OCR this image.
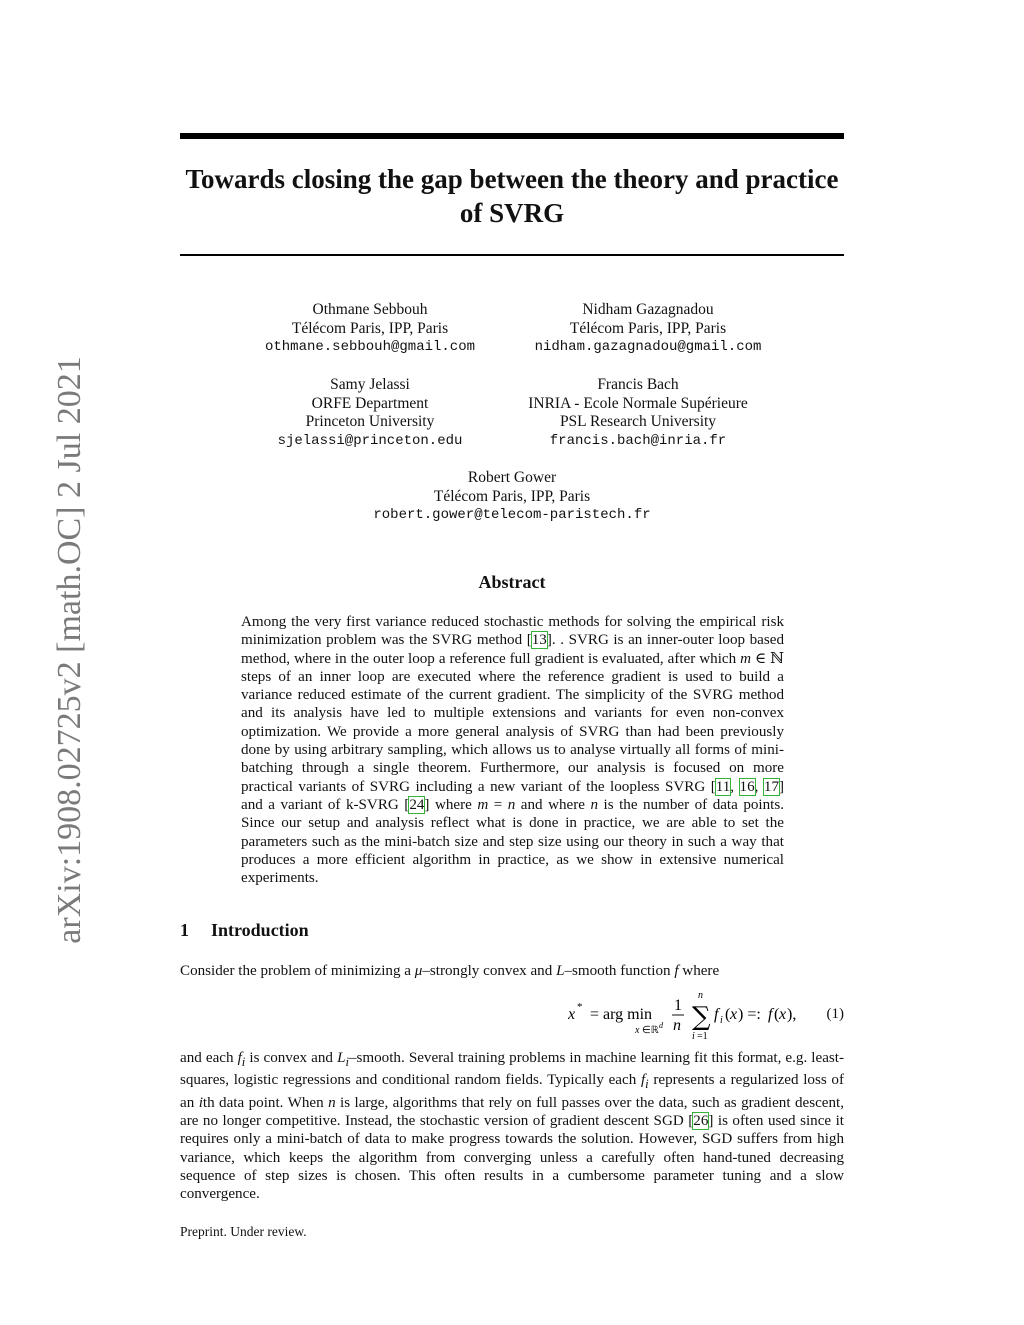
arXiv:1908.02725v2 [math.OC] 2 Jul 2021
Towards closing the gap between the theory and practice of SVRG
Othmane Sebbouh
Télécom Paris, IPP, Paris
othmane.sebbouh@gmail.com
Nidham Gazagnadou
Télécom Paris, IPP, Paris
nidham.gazagnadou@gmail.com
Samy Jelassi
ORFE Department
Princeton University
sjelassi@princeton.edu
Francis Bach
INRIA - Ecole Normale Supérieure
PSL Research University
francis.bach@inria.fr
Robert Gower
Télécom Paris, IPP, Paris
robert.gower@telecom-paristech.fr
Abstract
Among the very first variance reduced stochastic methods for solving the empirical risk minimization problem was the SVRG method [13]. . SVRG is an inner-outer loop based method, where in the outer loop a reference full gradient is evaluated, after which m ∈ ℕ steps of an inner loop are executed where the reference gradient is used to build a variance reduced estimate of the current gradient. The simplicity of the SVRG method and its analysis have led to multiple extensions and variants for even non-convex optimization. We provide a more general analysis of SVRG than had been previously done by using arbitrary sampling, which allows us to analyse virtually all forms of mini-batching through a single theorem. Furthermore, our analysis is focused on more practical variants of SVRG including a new variant of the loopless SVRG [11, 16, 17] and a variant of k-SVRG [24] where m = n and where n is the number of data points. Since our setup and analysis reflect what is done in practice, we are able to set the parameters such as the mini-batch size and step size using our theory in such a way that produces a more efficient algorithm in practice, as we show in extensive numerical experiments.
1 Introduction
Consider the problem of minimizing a μ–strongly convex and L–smooth function f where
x * = arg min
x ∈ℝ d
1
n ∑
n
i =1
f i ( x ) =: f ( x ), (1)
and each $f_i$ is convex and $L_i$–smooth. Several training problems in machine learning fit this format, e.g. least-squares, logistic regressions and conditional random fields. Typically each $f_i$ represents a regularized loss of an ith data point. When n is large, algorithms that rely on full passes over the data, such as gradient descent, are no longer competitive. Instead, the stochastic version of gradient descent SGD [26] is often used since it requires only a mini-batch of data to make progress towards the solution. However, SGD suffers from high variance, which keeps the algorithm from converging unless a carefully often hand-tuned decreasing sequence of step sizes is chosen. This often results in a cumbersome parameter tuning and a slow convergence.
Preprint. Under review.
